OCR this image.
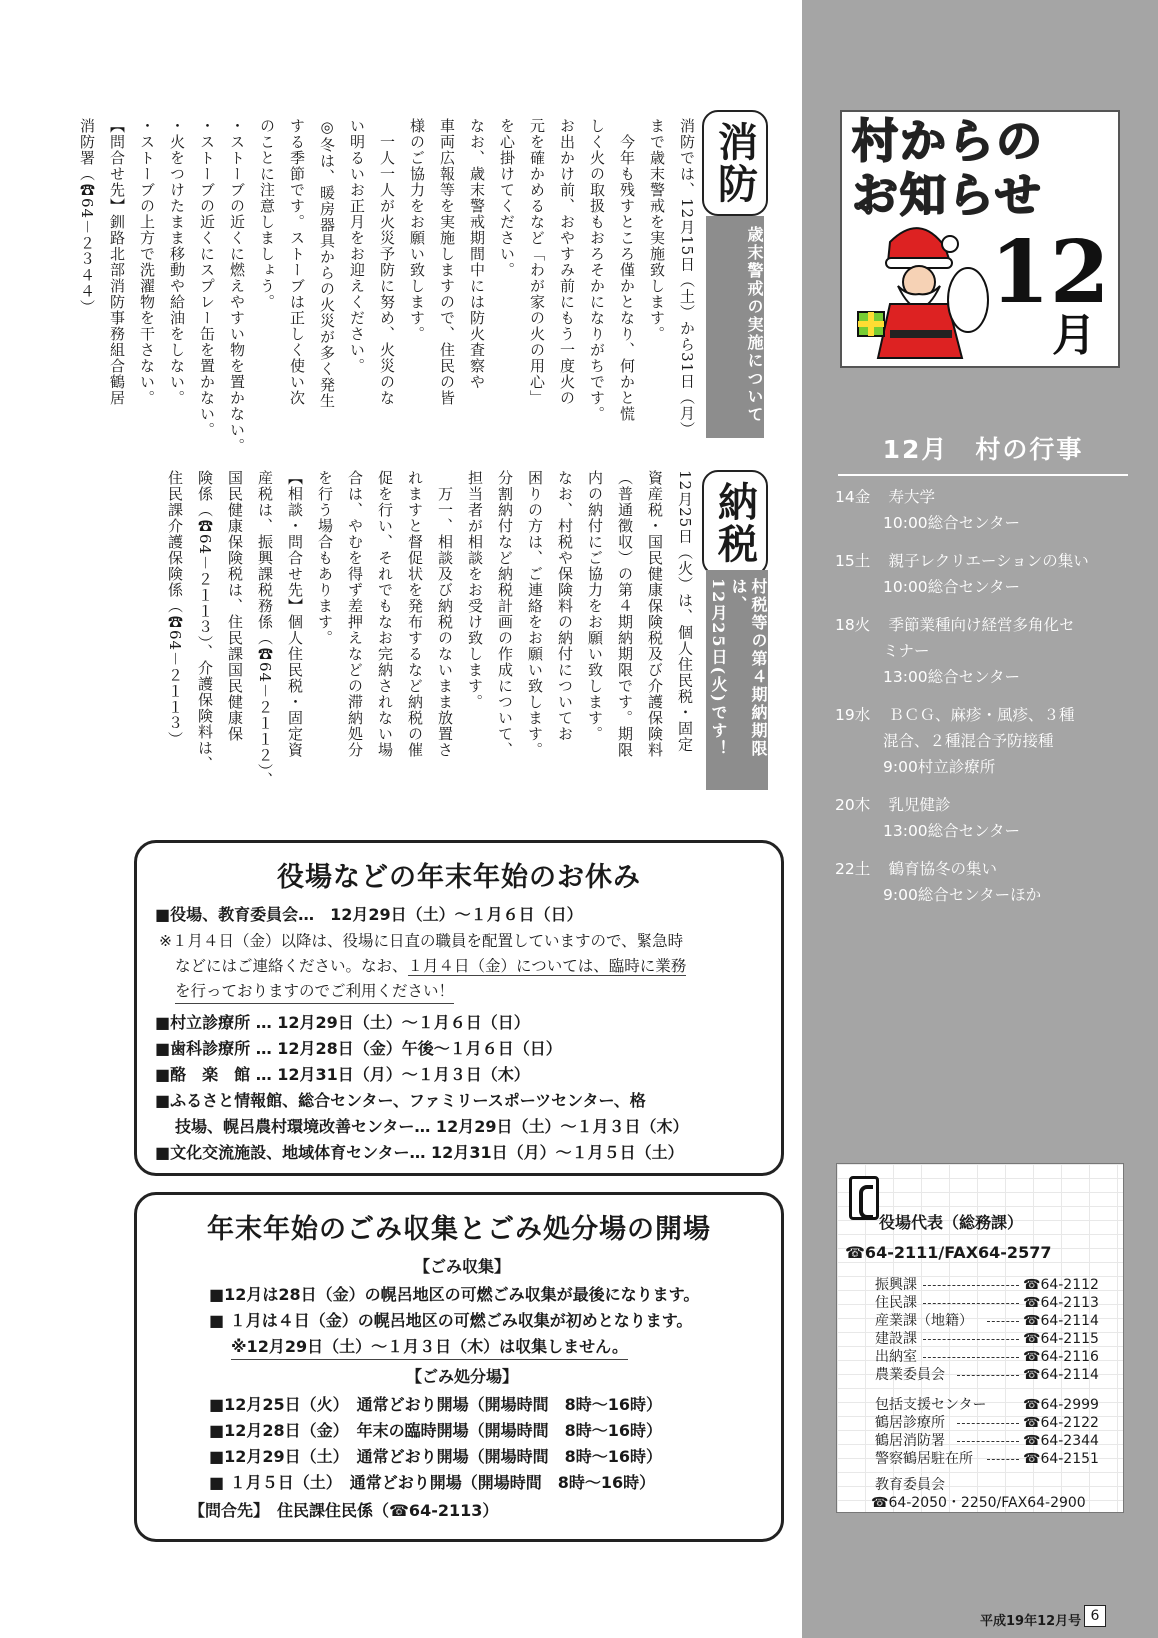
村からの
お知らせ
12
月
12月　村の行事
14金　 寿大学
10:00総合センター
15土　 親子レクリエーションの集い
10:00総合センター
18火　 季節業種向け経営多角化セ
ミナー
13:00総合センター
19水　 ＢＣＧ、麻疹・風疹、３種
混合、２種混合予防接種
9:00村立診療所
20木　 乳児健診
13:00総合センター
22土　 鶴育協冬の集い
9:00総合センターほか
役場代表（総務課）
☎64-2111/FAX64-2577
振興課	☎64-2112
住民課	☎64-2113
産業課（地籍）	☎64-2114
建設課	☎64-2115
出納室	☎64-2116
農業委員会	☎64-2114
包括支援センター	☎64-2999
鶴居診療所	☎64-2122
鶴居消防署	☎64-2344
警察鶴居駐在所	☎64-2151
教育委員会
☎64-2050・2250/FAX64-2900
平成19年12月号 6
消防
歳末警戒の実施について
消防では、12月15日（土）から31日（月）
まで歳末警戒を実施致します。
　今年も残すところ僅かとなり、何かと慌
しく火の取扱もおろそかになりがちです。
お出かけ前、おやすみ前にもう一度火の
元を確かめるなど「わが家の火の用心」
を心掛けてください。
なお、歳末警戒期間中には防火査察や
車両広報等を実施しますので、住民の皆
様のご協力をお願い致します。
　一人一人が火災予防に努め、火災のな
い明るいお正月をお迎えください。
◎冬は、暖房器具からの火災が多く発生
する季節です。ストーブは正しく使い次
のことに注意しましょう。
・ストーブの近くに燃えやすい物を置かない。
・ストーブの近くにスプレー缶を置かない。
・火をつけたまま移動や給油をしない。
・ストーブの上方で洗濯物を干さない。
【問合せ先】釧路北部消防事務組合鶴居
消防署（☎64－２３４４）
納税
村税等の第４期納期限は、
12月25日(火)です！
12月25日（火）は、個人住民税・固定
資産税・国民健康保険税及び介護保険料
（普通徴収）の第４期納期限です。期限
内の納付にご協力をお願い致します。
なお、村税や保険料の納付についてお
困りの方は、ご連絡をお願い致します。
分割納付など納税計画の作成について、
担当者が相談をお受け致します。
　万一、相談及び納税のないまま放置さ
れますと督促状を発布するなど納税の催
促を行い、それでもなお完納されない場
合は、やむを得ず差押えなどの滞納処分
を行う場合もあります。
【相談・問合せ先】個人住民税・固定資
産税は、振興課税務係（☎64－２１１２）、
国民健康保険税は、住民課国民健康保
険係（☎64－２１１３）、介護保険料は、
住民課介護保険係（☎64－２１１３）
役場などの年末年始のお休み
■役場、教育委員会…　12月29日（土）～１月６日（日）
※１月４日（金）以降は、役場に日直の職員を配置していますので、緊急時
などにはご連絡ください。なお、１月４日（金）については、臨時に業務
を行っておりますのでご利用ください！
■村立診療所 … 12月29日（土）～１月６日（日）
■歯科診療所 … 12月28日（金）午後～１月６日（日）
■酪　楽　館 … 12月31日（月）～１月３日（木）
■ふるさと情報館、総合センター、ファミリースポーツセンター、格
技場、幌呂農村環境改善センター… 12月29日（土）～１月３日（木）
■文化交流施設、地域体育センター… 12月31日（月）～１月５日（土）
年末年始のごみ収集とごみ処分場の開場
【ごみ収集】
■12月は28日（金）の幌呂地区の可燃ごみ収集が最後になります。
■ １月は４日（金）の幌呂地区の可燃ごみ収集が初めとなります。
※12月29日（土）～１月３日（木）は収集しません。
【ごみ処分場】
■12月25日（火）　通常どおり開場（開場時間　8時～16時）
■12月28日（金）　年末の臨時開場（開場時間　8時～16時）
■12月29日（土）　通常どおり開場（開場時間　8時～16時）
■ １月５日（土）　通常どおり開場（開場時間　8時～16時）
【問合先】　住民課住民係（☎64-2113）
